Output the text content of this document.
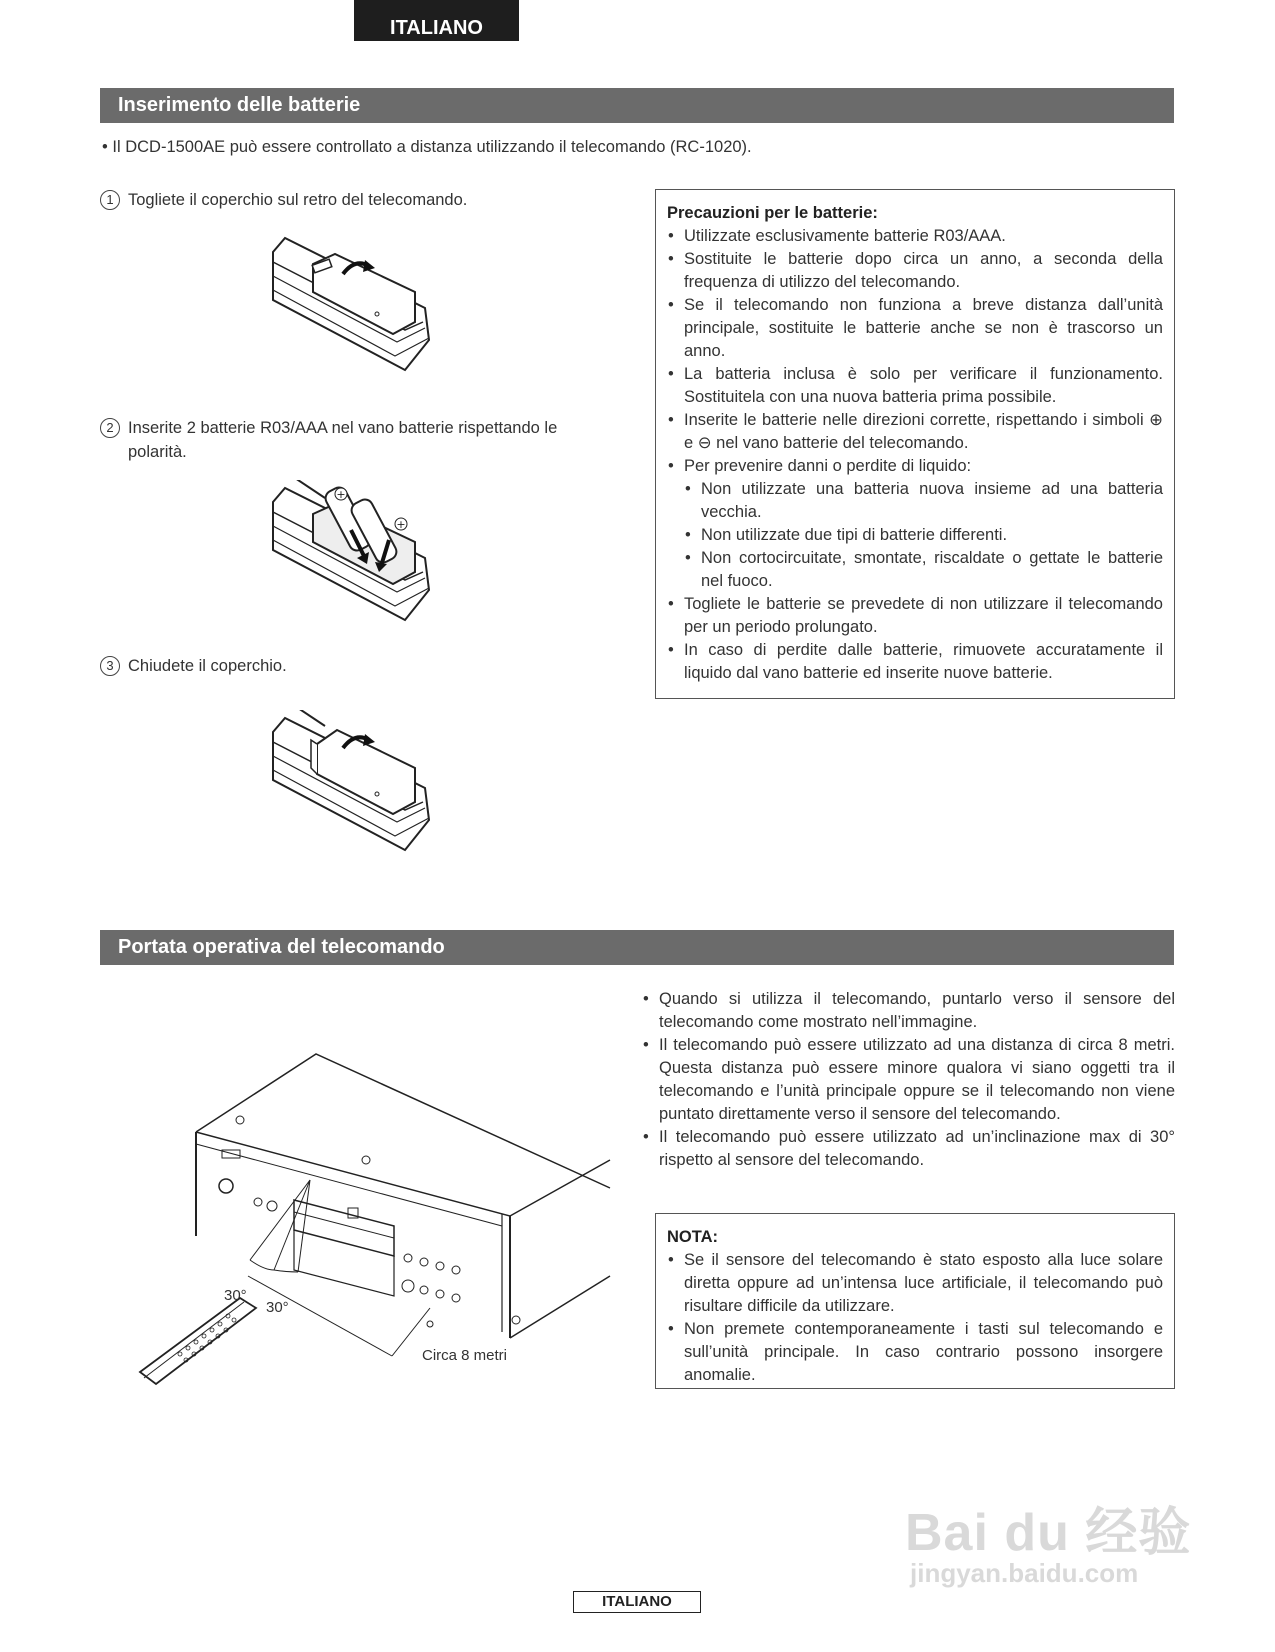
ITALIANO
Inserimento delle batterie
• Il DCD-1500AE può essere controllato a distanza utilizzando il telecomando (RC-1020).
1 Togliete il coperchio sul retro del telecomando.
2 Inserite 2 batterie R03/AAA nel vano batterie rispettando le polarità.
+
+
3 Chiudete il coperchio.
Precauzioni per le batterie:
• Utilizzate esclusivamente batterie R03/AAA.
• Sostituite le batterie dopo circa un anno, a seconda della frequenza di utilizzo del telecomando.
• Se il telecomando non funziona a breve distanza dall’unità principale, sostituite le batterie anche se non è trascorso un anno.
• La batteria inclusa è solo per verificare il funzionamento. Sostituitela con una nuova batteria prima possibile.
• Inserite le batterie nelle direzioni corrette, rispettando i simboli ⊕ e ⊖ nel vano batterie del telecomando.
• Per prevenire danni o perdite di liquido:
• Non utilizzate una batteria nuova insieme ad una batteria vecchia.
• Non utilizzate due tipi di batterie differenti.
• Non cortocircuitate, smontate, riscaldate o gettate le batterie nel fuoco.
• Togliete le batterie se prevedete di non utilizzare il telecomando per un periodo prolungato.
• In caso di perdite dalle batterie, rimuovete accuratamente il liquido dal vano batterie ed inserite nuove batterie.
Portata operativa del telecomando
30°
30°
Circa 8 metri
• Quando si utilizza il telecomando, puntarlo verso il sensore del telecomando come mostrato nell’immagine.
• Il telecomando può essere utilizzato ad una distanza di circa 8 metri. Questa distanza può essere minore qualora vi siano oggetti tra il telecomando e l’unità principale oppure se il telecomando non viene puntato direttamente verso il sensore del telecomando.
• Il telecomando può essere utilizzato ad un’inclinazione max di 30° rispetto al sensore del telecomando.
NOTA:
• Se il sensore del telecomando è stato esposto alla luce solare diretta oppure ad un’intensa luce artificiale, il telecomando può risultare difficile da utilizzare.
• Non premete contemporaneamente i tasti sul telecomando e sull’unità principale. In caso contrario possono insorgere anomalie.
Bai du 经验
jingyan.baidu.com
ITALIANO
